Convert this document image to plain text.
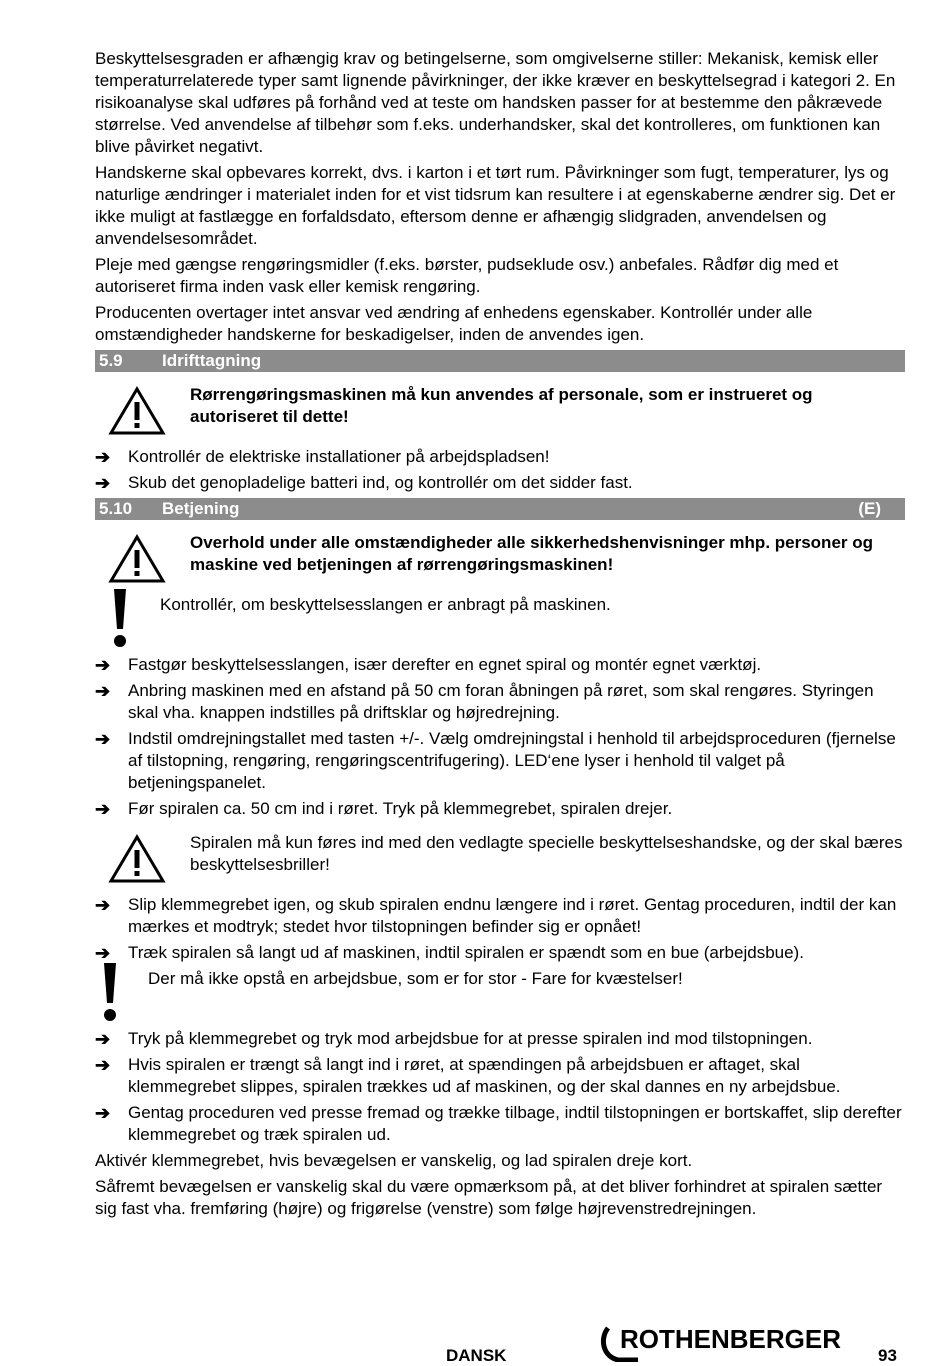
Beskyttelsesgraden er afhængig krav og betingelserne, som omgivelserne stiller: Mekanisk, kemisk eller temperaturrelaterede typer samt lignende påvirkninger, der ikke kræver en beskyttelsegrad i kategori 2. En risikoanalyse skal udføres på forhånd ved at teste om handsken passer for at bestemme den påkrævede størrelse. Ved anvendelse af tilbehør som f.eks. underhandsker, skal det kontrolleres, om funktionen kan blive påvirket negativt.

Handskerne skal opbevares korrekt, dvs. i karton i et tørt rum. Påvirkninger som fugt, temperaturer, lys og naturlige ændringer i materialet inden for et vist tidsrum kan resultere i at egenskaberne ændrer sig. Det er ikke muligt at fastlægge en forfaldsdato, eftersom denne er afhængig slidgraden, anvendelsen og anvendelsesområdet.

Pleje med gængse rengøringsmidler (f.eks. børster, pudseklude osv.) anbefales. Rådfør dig med et autoriseret firma inden vask eller kemisk rengøring.

Producenten overtager intet ansvar ved ændring af enhedens egenskaber. Kontrollér under alle omstændigheder handskerne for beskadigelser, inden de anvendes igen.

5.9 Idrifttagning

Rørrengøringsmaskinen må kun anvendes af personale, som er instrueret og autoriseret til dette!

➔ Kontrollér de elektriske installationer på arbejdspladsen!
➔ Skub det genopladelige batteri ind, og kontrollér om det sidder fast.
5.10 Betjening	(E)

Overhold under alle omstændigheder alle sikkerhedshenvisninger mhp. personer og maskine ved betjeningen af rørrengøringsmaskinen!

Kontrollér, om beskyttelsesslangen er anbragt på maskinen.

➔ Fastgør beskyttelsesslangen, især derefter en egnet spiral og montér egnet værktøj.
➔ Anbring maskinen med en afstand på 50 cm foran åbningen på røret, som skal rengøres. Styringen skal vha. knappen indstilles på driftsklar og højredrejning.
➔ Indstil omdrejningstallet med tasten +/-. Vælg omdrejningstal i henhold til arbejdsproceduren (fjernelse af tilstopning, rengøring, rengøringscentrifugering). LED‘ene lyser i henhold til valget på betjeningspanelet.
➔ Før spiralen ca. 50 cm ind i røret. Tryk på klemmegrebet, spiralen drejer.

Spiralen må kun føres ind med den vedlagte specielle beskyttelseshandske, og der skal bæres beskyttelsesbriller!

➔ Slip klemmegrebet igen, og skub spiralen endnu længere ind i røret. Gentag proceduren, indtil der kan mærkes et modtryk; stedet hvor tilstopningen befinder sig er opnået!
➔ Træk spiralen så langt ud af maskinen, indtil spiralen er spændt som en bue (arbejdsbue).

Der må ikke opstå en arbejdsbue, som er for stor - Fare for kvæstelser!

➔ Tryk på klemmegrebet og tryk mod arbejdsbue for at presse spiralen ind mod tilstopningen.
➔ Hvis spiralen er trængt så langt ind i røret, at spændingen på arbejdsbuen er aftaget, skal klemmegrebet slippes, spiralen trækkes ud af maskinen, og der skal dannes en ny arbejdsbue.
➔ Gentag proceduren ved presse fremad og trække tilbage, indtil tilstopningen er bortskaffet, slip derefter klemmegrebet og træk spiralen ud.

Aktivér klemmegrebet, hvis bevægelsen er vanskelig, og lad spiralen dreje kort.

Såfremt bevægelsen er vanskelig skal du være opmærksom på, at det bliver forhindret at spiralen sætter sig fast vha. fremføring (højre) og frigørelse (venstre) som følge højrevenstredrejningen.

DANSK
ROTHENBERGER
93
